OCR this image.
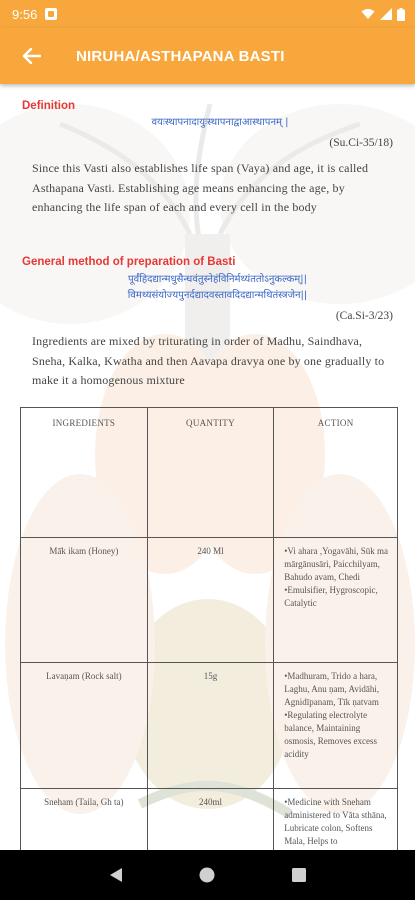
9:56
NIRUHA/ASTHAPANA BASTI
Definition
वयःस्थापनादायुःस्थापनाद्वाआस्थापनम् |
(Su.Ci-35/18)
Since this Vasti also establishes life span (Vaya) and age, it is called Asthapana Vasti. Establishing age means enhancing the age, by enhancing the life span of each and every cell in the body
General method of preparation of Basti
पूर्वंहिदद्यान्मधुसैन्धवंतुस्नेहंविनिर्मथ्यंततोऽनुकल्कम्||
विमथ्यसंयोज्यपुनर्दद्यादवस्तावदिदद्यान्मथितंस्त्रजेन||
(Ca.Si-3/23)
Ingredients are mixed by triturating in order of Madhu, Saindhava, Sneha, Kalka, Kwatha and then Aavapa dravya one by one gradually to make it a homogenous mixture
INGREDIENTS	QUANTITY	ACTION
Mā̄k ikam (Honey)	240 Ml	•Vi ahara ,Yogavāhi, Sūk ma mārgānusāri, Paicchilyam, Bahudo avam, Chedi •Emulsifier, Hygroscopic, Catalytic
Lavaṇam (Rock salt)	15g	•Madhuram, Trido a hara, Laghu, Anu ṇam, Avidāhi, Agnidīpanam, Tīk ṇatvam •Regulating electrolyte balance, Maintaining osmosis, Removes excess acidity
Sneham (Taila, Gh ta)	240ml	•Medicine with Sneham administered to Vāta sthāna, Lubricate colon, Softens Mala, Helps to
